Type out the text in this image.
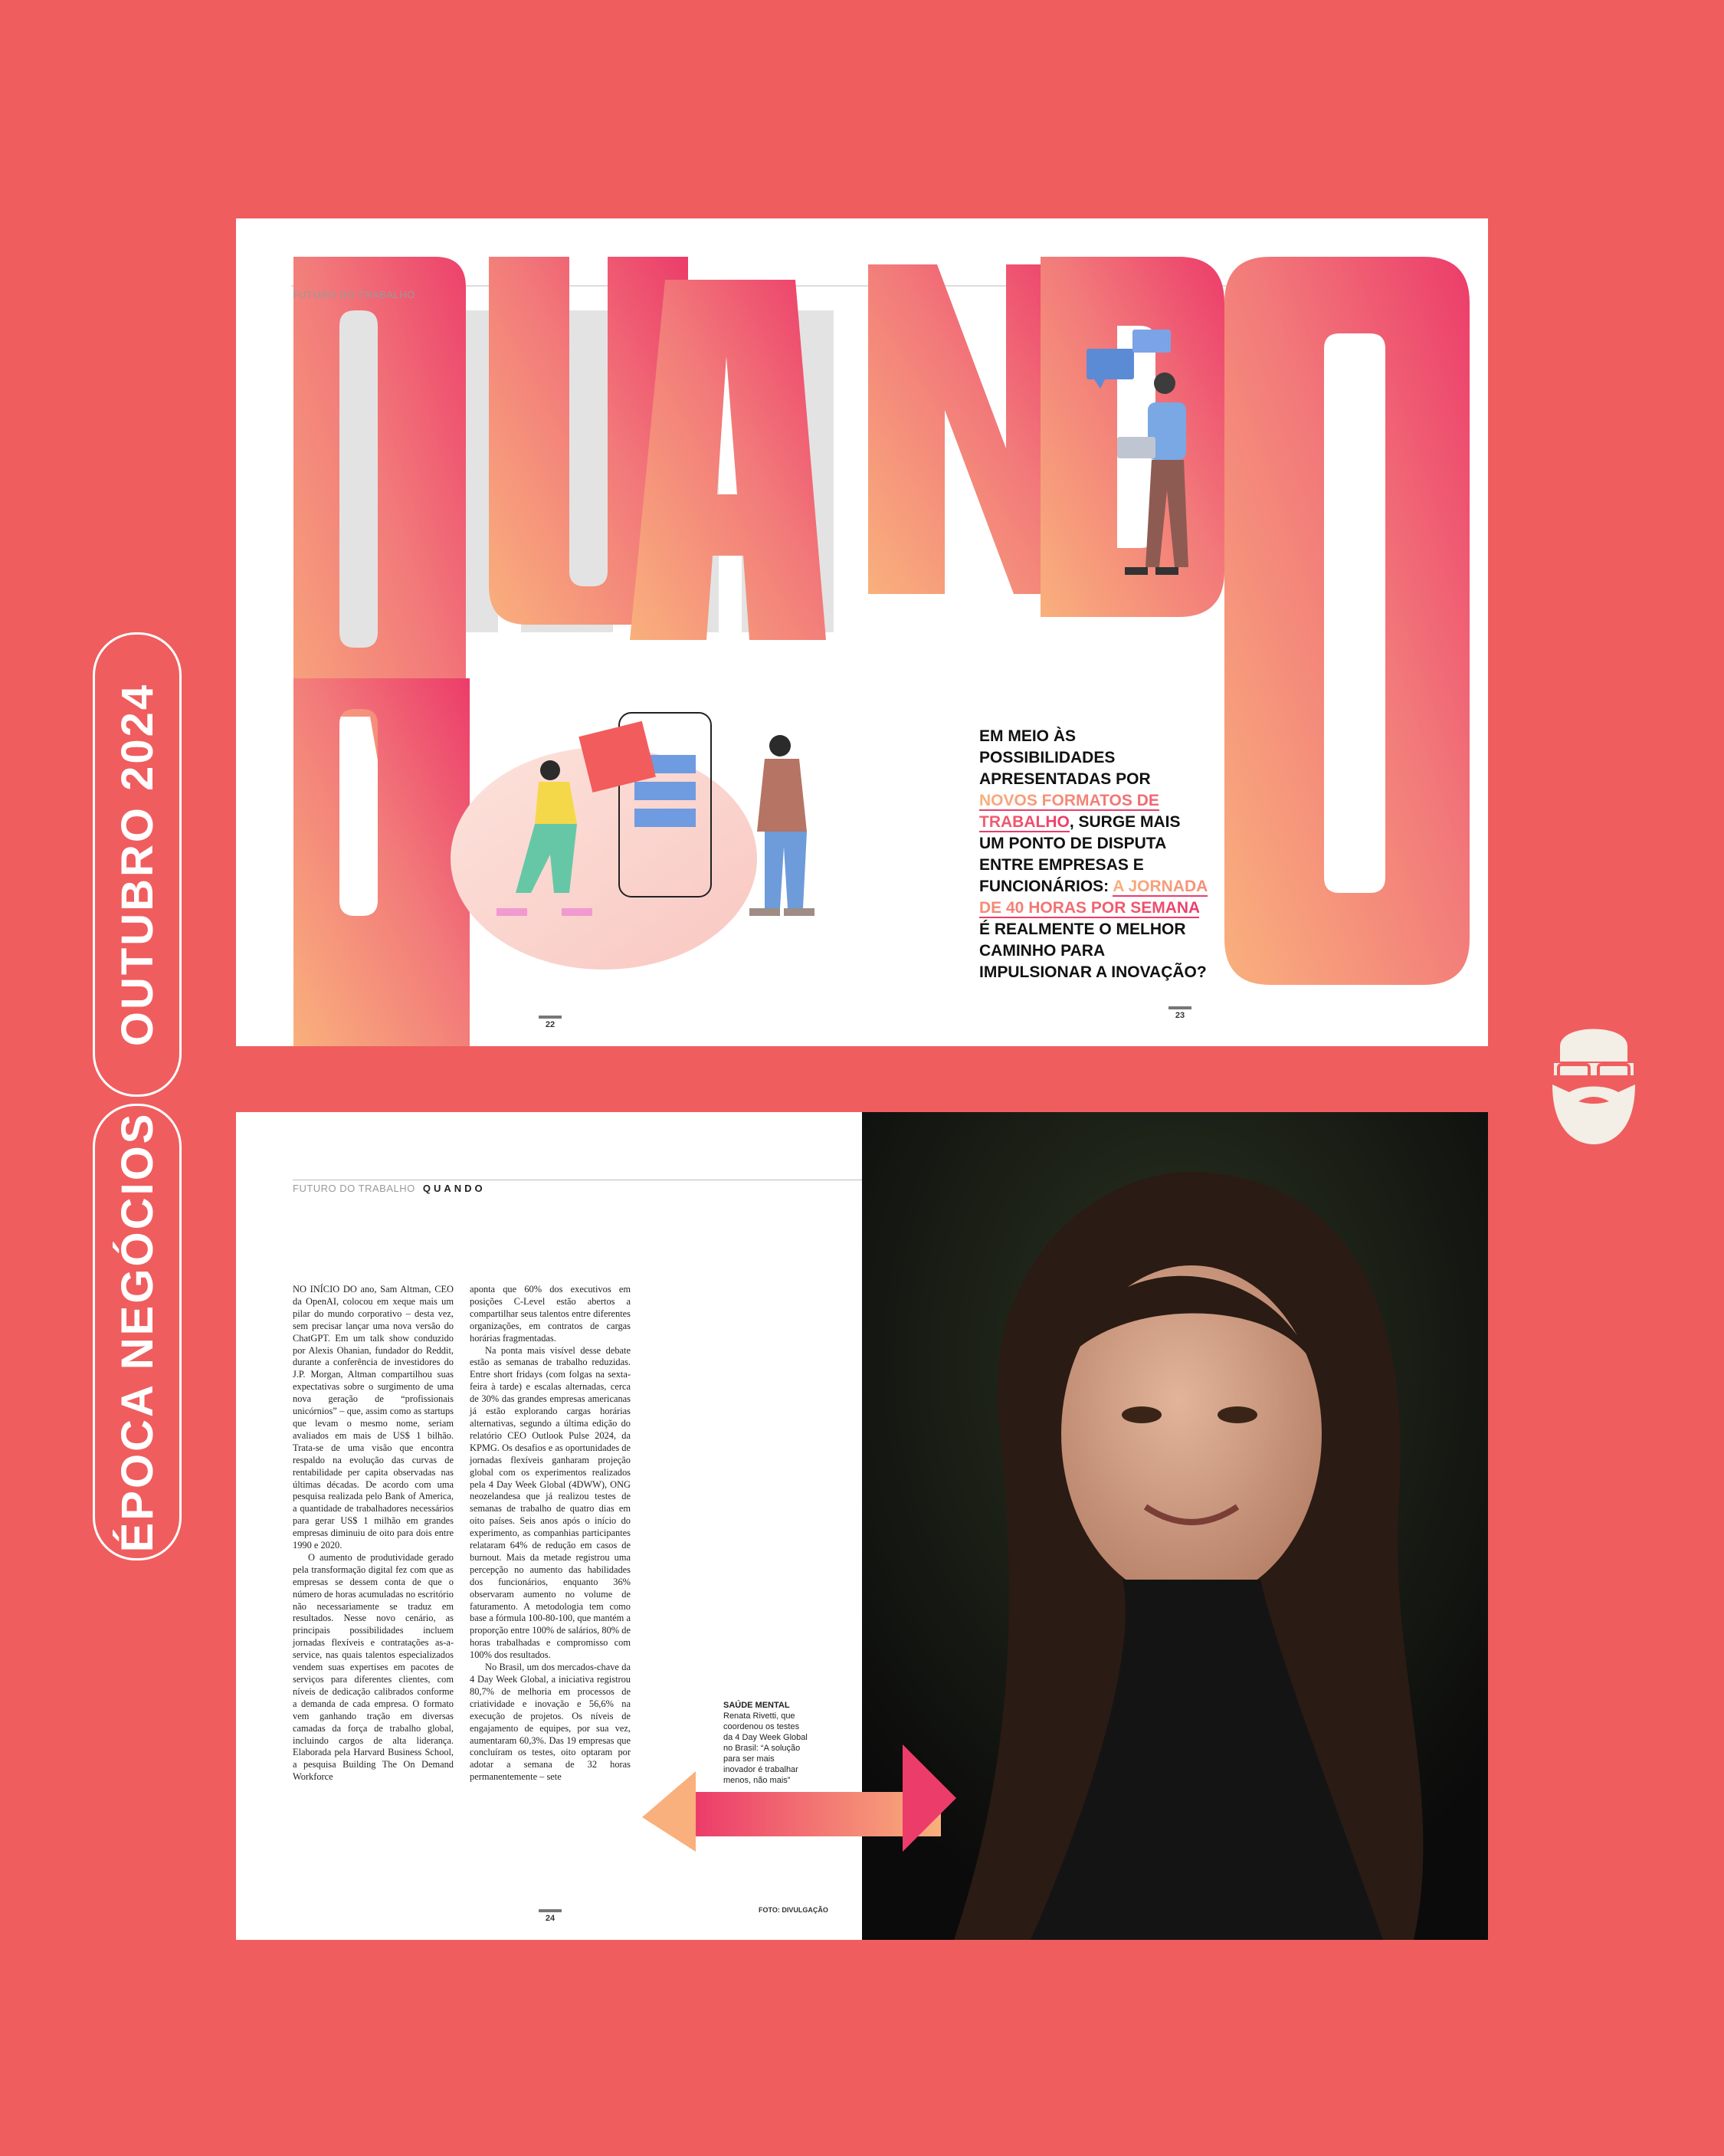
OUTUBRO 2024
ÉPOCA NEGÓCIOS
FUTURO DO TRABALHO
EM MEIO ÀS POSSIBILIDADES APRESENTADAS POR NOVOS FORMATOS DE TRABALHO, SURGE MAIS UM PONTO DE DISPUTA ENTRE EMPRESAS E FUNCIONÁRIOS: A JORNADA DE 40 HORAS POR SEMANA É REALMENTE O MELHOR CAMINHO PARA IMPULSIONAR A INOVAÇÃO?
22
23
FUTURO DO TRABALHO QUANDO

NO INÍCIO DO ano, Sam Altman, CEO da OpenAI, colocou em xeque mais um pilar do mundo corporativo – desta vez, sem precisar lançar uma nova versão do ChatGPT. Em um talk show conduzido por Alexis Ohanian, fundador do Reddit, durante a conferência de investidores do J.P. Morgan, Altman compartilhou suas expectativas sobre o surgimento de uma nova geração de “profissionais unicórnios” – que, assim como as startups que levam o mesmo nome, seriam avaliados em mais de US$ 1 bilhão. Trata-se de uma visão que encontra respaldo na evolução das curvas de rentabilidade per capita observadas nas últimas décadas. De acordo com uma pesquisa realizada pelo Bank of America, a quantidade de trabalhadores necessários para gerar US$ 1 milhão em grandes empresas diminuiu de oito para dois entre 1990 e 2020.

O aumento de produtividade gerado pela transformação digital fez com que as empresas se dessem conta de que o número de horas acumuladas no escritório não necessariamente se traduz em resultados. Nesse novo cenário, as principais possibilidades incluem jornadas flexíveis e contratações as-a-service, nas quais talentos especializados vendem suas expertises em pacotes de serviços para diferentes clientes, com níveis de dedicação calibrados conforme a demanda de cada empresa. O formato vem ganhando tração em diversas camadas da força de trabalho global, incluindo cargos de alta liderança. Elaborada pela Harvard Business School, a pesquisa Building The On Demand Workforce

aponta que 60% dos executivos em posições C-Level estão abertos a compartilhar seus talentos entre diferentes organizações, em contratos de cargas horárias fragmentadas.

Na ponta mais visível desse debate estão as semanas de trabalho reduzidas. Entre short fridays (com folgas na sexta-feira à tarde) e escalas alternadas, cerca de 30% das grandes empresas americanas já estão explorando cargas horárias alternativas, segundo a última edição do relatório CEO Outlook Pulse 2024, da KPMG. Os desafios e as oportunidades de jornadas flexíveis ganharam projeção global com os experimentos realizados pela 4 Day Week Global (4DWW), ONG neozelandesa que já realizou testes de semanas de trabalho de quatro dias em oito países. Seis anos após o início do experimento, as companhias participantes relataram 64% de redução em casos de burnout. Mais da metade registrou uma percepção no aumento das habilidades dos funcionários, enquanto 36% observaram aumento no volume de faturamento. A metodologia tem como base a fórmula 100-80-100, que mantém a proporção entre 100% de salários, 80% de horas trabalhadas e compromisso com 100% dos resultados.

No Brasil, um dos mercados-chave da 4 Day Week Global, a iniciativa registrou 80,7% de melhoria em processos de criatividade e inovação e 56,6% na execução de projetos. Os níveis de engajamento de equipes, por sua vez, aumentaram 60,3%. Das 19 empresas que concluíram os testes, oito optaram por adotar a semana de 32 horas permanentemente – sete

SAÚDE MENTAL
Renata Rivetti, que coordenou os testes da 4 Day Week Global no Brasil: “A solução para ser mais inovador é trabalhar menos, não mais”
FOTO: DIVULGAÇÃO
24
